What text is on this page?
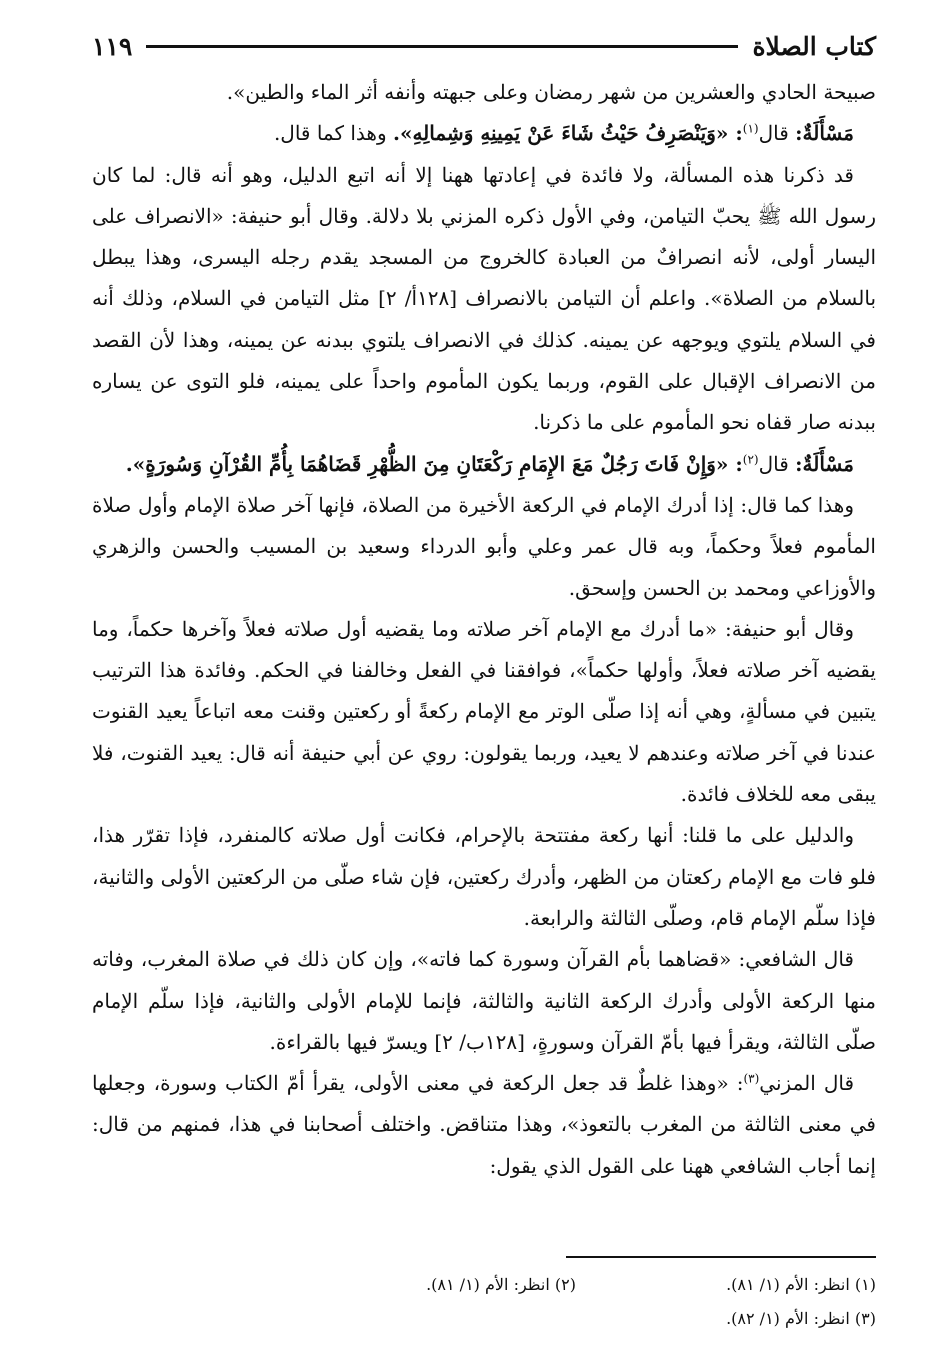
كتاب الصلاة
١١٩

صبيحة الحادي والعشرين من شهر رمضان وعلى جبهته وأنفه أثر الماء والطين».

مَسْأَلَةٌ: قال$^{(١)}$: «وَيَنْصَرِفُ حَيْثُ شَاءَ عَنْ يَمِينِهِ وَشِمالِهِ». وهذا كما قال.

قد ذكرنا هذه المسألة، ولا فائدة في إعادتها ههنا إلا أنه اتبع الدليل، وهو أنه قال: لما كان رسول الله ﷺ يحبّ التيامن، وفي الأول ذكره المزني بلا دلالة. وقال أبو حنيفة: «الانصراف على اليسار أولى، لأنه انصرافٌ من العبادة كالخروج من المسجد يقدم رجله اليسرى، وهذا يبطل بالسلام من الصلاة». واعلم أن التيامن بالانصراف [١٢٨أ/ ٢] مثل التيامن في السلام، وذلك أنه في السلام يلتوي ويوجهه عن يمينه. كذلك في الانصراف يلتوي ببدنه عن يمينه، وهذا لأن القصد من الانصراف الإقبال على القوم، وربما يكون المأموم واحداً على يمينه، فلو التوى عن يساره ببدنه صار قفاه نحو المأموم على ما ذكرنا.

مَسْأَلَةٌ: قال$^{(٢)}$: «وَإِنْ فَاتَ رَجُلٌ مَعَ الإِمَامِ رَكْعَتَانِ مِنَ الظُّهْرِ قَضَاهُمَا بِأُمِّ القُرْآنِ وَسُورَةٍ».

وهذا كما قال: إذا أدرك الإمام في الركعة الأخيرة من الصلاة، فإنها آخر صلاة الإمام وأول صلاة المأموم فعلاً وحكماً، وبه قال عمر وعلي وأبو الدرداء وسعيد بن المسيب والحسن والزهري والأوزاعي ومحمد بن الحسن وإسحق.

وقال أبو حنيفة: «ما أدرك مع الإمام آخر صلاته وما يقضيه أول صلاته فعلاً وآخرها حكماً، وما يقضيه آخر صلاته فعلاً، وأولها حكماً»، فوافقنا في الفعل وخالفنا في الحكم. وفائدة هذا الترتيب يتبين في مسألةٍ، وهي أنه إذا صلّى الوتر مع الإمام ركعةً أو ركعتين وقنت معه اتباعاً يعيد القنوت عندنا في آخر صلاته وعندهم لا يعيد، وربما يقولون: روي عن أبي حنيفة أنه قال: يعيد القنوت، فلا يبقى معه للخلاف فائدة.

والدليل على ما قلنا: أنها ركعة مفتتحة بالإحرام، فكانت أول صلاته كالمنفرد، فإذا تقرّر هذا، فلو فات مع الإمام ركعتان من الظهر، وأدرك ركعتين، فإن شاء صلّى من الركعتين الأولى والثانية، فإذا سلّم الإمام قام، وصلّى الثالثة والرابعة.

قال الشافعي: «قضاهما بأم القرآن وسورة كما فاته»، وإن كان ذلك في صلاة المغرب، وفاته منها الركعة الأولى وأدرك الركعة الثانية والثالثة، فإنما للإمام الأولى والثانية، فإذا سلّم الإمام صلّى الثالثة، ويقرأ فيها بأمّ القرآن وسورةٍ، [١٢٨ب/ ٢] ويسرّ فيها بالقراءة.

قال المزني$^{(٣)}$: «وهذا غلطٌ قد جعل الركعة في معنى الأولى، يقرأ أمّ الكتاب وسورة، وجعلها في معنى الثالثة من المغرب بالتعوذ»، وهذا متناقض. واختلف أصحابنا في هذا، فمنهم من قال: إنما أجاب الشافعي ههنا على القول الذي يقول:

(١) انظر: الأم (١/ ٨١).
(٢) انظر: الأم (١/ ٨١).
(٣) انظر: الأم (١/ ٨٢).
